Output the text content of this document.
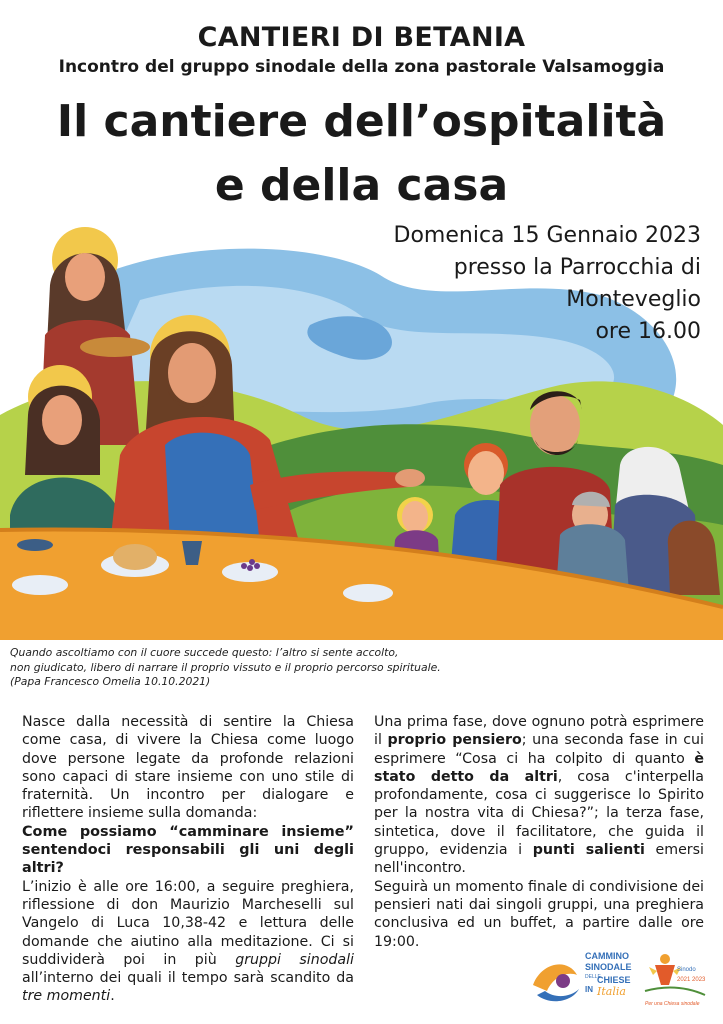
CANTIERI DI BETANIA
Incontro del gruppo sinodale della zona pastorale Valsamoggia
Il cantiere dell’ospitalità
e della casa
Domenica 15 Gennaio 2023
presso la Parrocchia di
Monteveglio
ore 16.00
Quando ascoltiamo con il cuore succede questo: l’altro si sente accolto,
non giudicato, libero di narrare il proprio vissuto e il proprio percorso spirituale.
(Papa Francesco Omelia 10.10.2021)

Nasce dalla necessità di sentire la Chiesa come casa, di vivere la Chiesa come luogo dove persone legate da profonde relazioni sono capaci di stare insieme con uno stile di fraternità. Un incontro per dialogare e riflettere insieme sulla domanda:

Come possiamo “camminare insieme” sentendoci responsabili gli uni degli altri?

L’inizio è alle ore 16:00, a seguire preghiera, riflessione di don Maurizio Marcheselli sul Vangelo di Luca 10,38-42 e lettura delle domande che aiutino alla meditazione. Ci si suddividerà poi in più gruppi sinodali all’interno dei quali il tempo sarà scandito da tre momenti.

Una prima fase, dove ognuno potrà esprimere il proprio pensiero; una seconda fase in cui esprimere “Cosa ci ha colpito di quanto è stato detto da altri, cosa c'interpella profondamente, cosa ci suggerisce lo Spirito per la nostra vita di Chiesa?”; la terza fase, sintetica, dove il facilitatore, che guida il gruppo, evidenzia i punti salienti emersi nell'incontro.

Seguirà un momento finale di condivisione dei pensieri nati dai singoli gruppi, una preghiera conclusiva ed un buffet, a partire dalle ore 19:00.

CAMMINO
SINODALE
DELLE
CHIESE
IN Italia
Sinodo
2021 2023
Per una Chiesa sinodale
